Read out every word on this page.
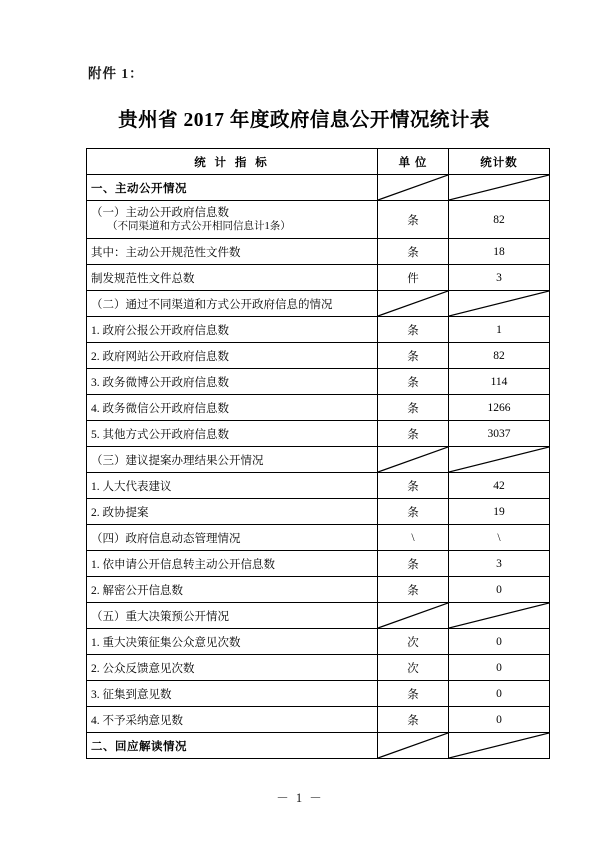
附件 1：
贵州省 2017 年度政府信息公开情况统计表
统 计 指 标	单 位	统计数
一、主动公开情况	

（一）主动公开政府信息数
（不同渠道和方式公开相同信息计1条）	条	82
其中：主动公开规范性文件数	条	18
制发规范性文件总数	件	3
（二）通过不同渠道和方式公开政府信息的情况	

1. 政府公报公开政府信息数	条	1
2. 政府网站公开政府信息数	条	82
3. 政务微博公开政府信息数	条	114
4. 政务微信公开政府信息数	条	1266
5. 其他方式公开政府信息数	条	3037
（三）建议提案办理结果公开情况	

1. 人大代表建议	条	42
2. 政协提案	条	19
（四）政府信息动态管理情况	\	\
1. 依申请公开信息转主动公开信息数	条	3
2. 解密公开信息数	条	0
（五）重大决策预公开情况	

1. 重大决策征集公众意见次数	次	0
2. 公众反馈意见次数	次	0
3. 征集到意见数	条	0
4. 不予采纳意见数	条	0
二、回应解读情况	

－ 1 －
